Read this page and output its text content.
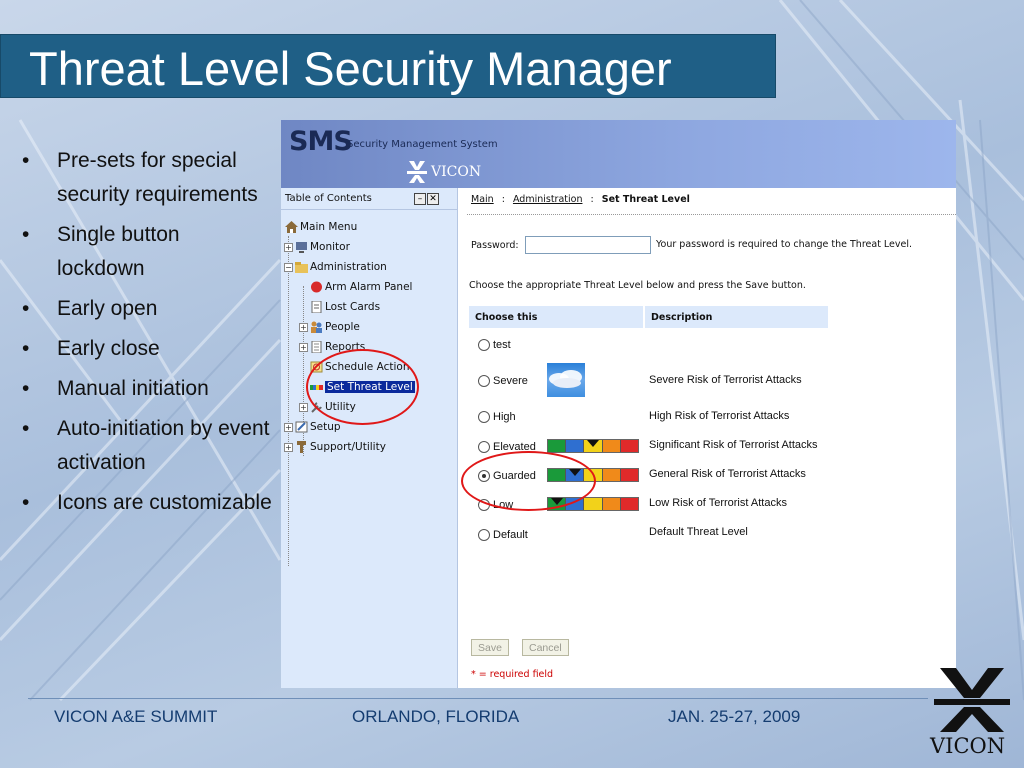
Threat Level Security Manager
• Pre-sets for special security requirements
• Single button lockdown
• Early open
• Early close
• Manual initiation
• Auto-initiation by event activation
• Icons are customizable
SMS
Security Management System
VICON
Table of Contents	– ✕
Main Menu
+ Monitor
− Administration
Arm Alarm Panel
Lost Cards
+ People
+ Reports
Schedule Action
Set Threat Level
+ Utility
+ Setup
+ Support/Utility
Main : Administration : Set Threat Level
Password:	Your password is required to change the Threat Level.
Choose the appropriate Threat Level below and press the Save button.
Choose this	Description
test
Severe	Severe Risk of Terrorist Attacks
High	High Risk of Terrorist Attacks
Elevated	Significant Risk of Terrorist Attacks
Guarded	General Risk of Terrorist Attacks
Low	Low Risk of Terrorist Attacks
Default	Default Threat Level
Save	Cancel
* = required field
VICON A&E SUMMIT	ORLANDO, FLORIDA	JAN. 25-27, 2009
VICON
